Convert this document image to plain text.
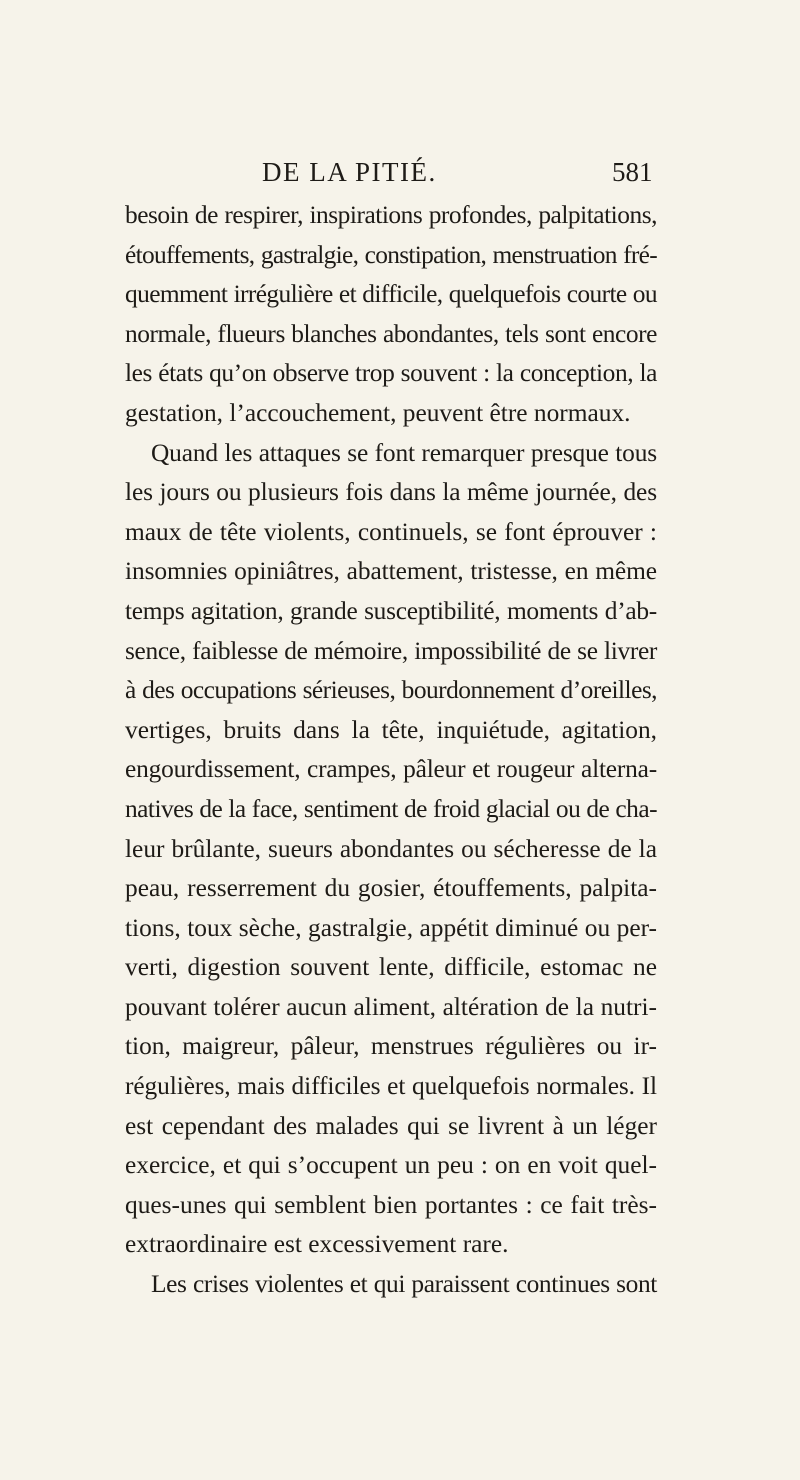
DE LA PITIÉ.	581
besoin de respirer, inspirations profondes, palpitations,
étouffements, gastralgie, constipation, menstruation fré-
quemment irrégulière et difficile, quelquefois courte ou
normale, flueurs blanches abondantes, tels sont encore
les états qu’on observe trop souvent : la conception, la
gestation, l’accouchement, peuvent être normaux.
Quand les attaques se font remarquer presque tous
les jours ou plusieurs fois dans la même journée, des
maux de tête violents, continuels, se font éprouver :
insomnies opiniâtres, abattement, tristesse, en même
temps agitation, grande susceptibilité, moments d’ab-
sence, faiblesse de mémoire, impossibilité de se livrer
à des occupations sérieuses, bourdonnement d’oreilles,
vertiges, bruits dans la tête, inquiétude, agitation,
engourdissement, crampes, pâleur et rougeur alterna-
natives de la face, sentiment de froid glacial ou de cha-
leur brûlante, sueurs abondantes ou sécheresse de la
peau, resserrement du gosier, étouffements, palpita-
tions, toux sèche, gastralgie, appétit diminué ou per-
verti, digestion souvent lente, difficile, estomac ne
pouvant tolérer aucun aliment, altération de la nutri-
tion, maigreur, pâleur, menstrues régulières ou ir-
régulières, mais difficiles et quelquefois normales. Il
est cependant des malades qui se livrent à un léger
exercice, et qui s’occupent un peu : on en voit quel-
ques-unes qui semblent bien portantes : ce fait très-
extraordinaire est excessivement rare.
Les crises violentes et qui paraissent continues sont
